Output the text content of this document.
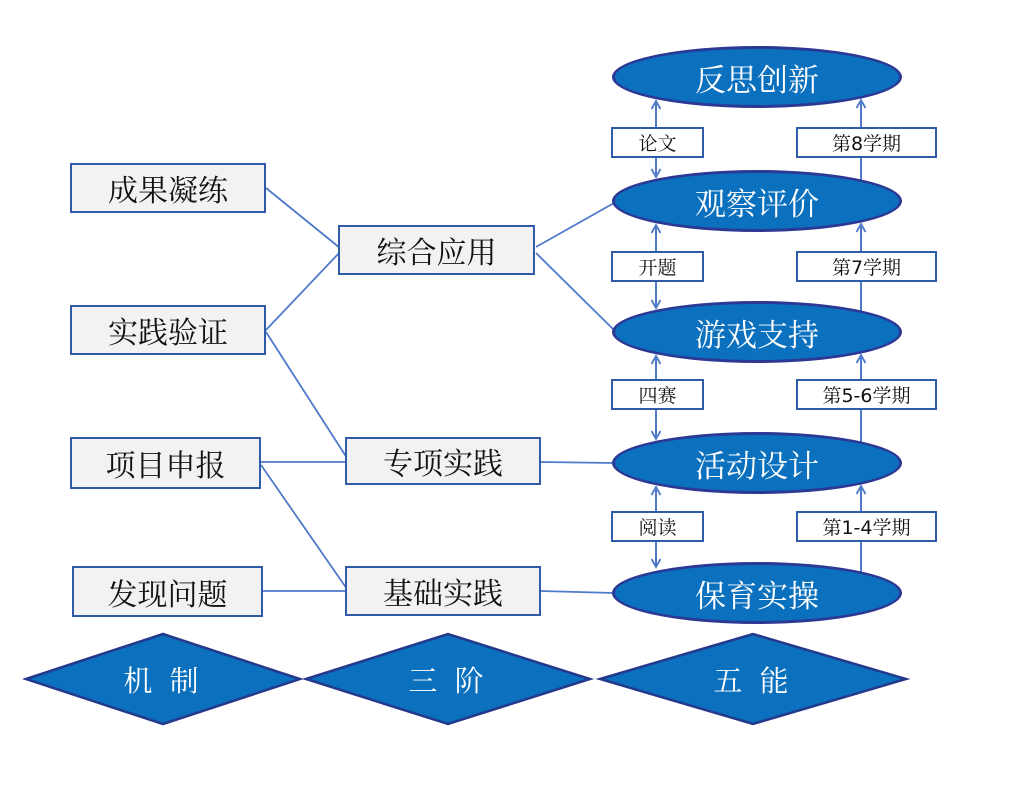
成果凝练
实践验证
项目申报
发现问题
综合应用
专项实践
基础实践
反思创新
观察评价
游戏支持
活动设计
保育实操
论文
开题
四赛
阅读
第8学期
第7学期
第5-6学期
第1-4学期
机 制	三 阶	五 能
